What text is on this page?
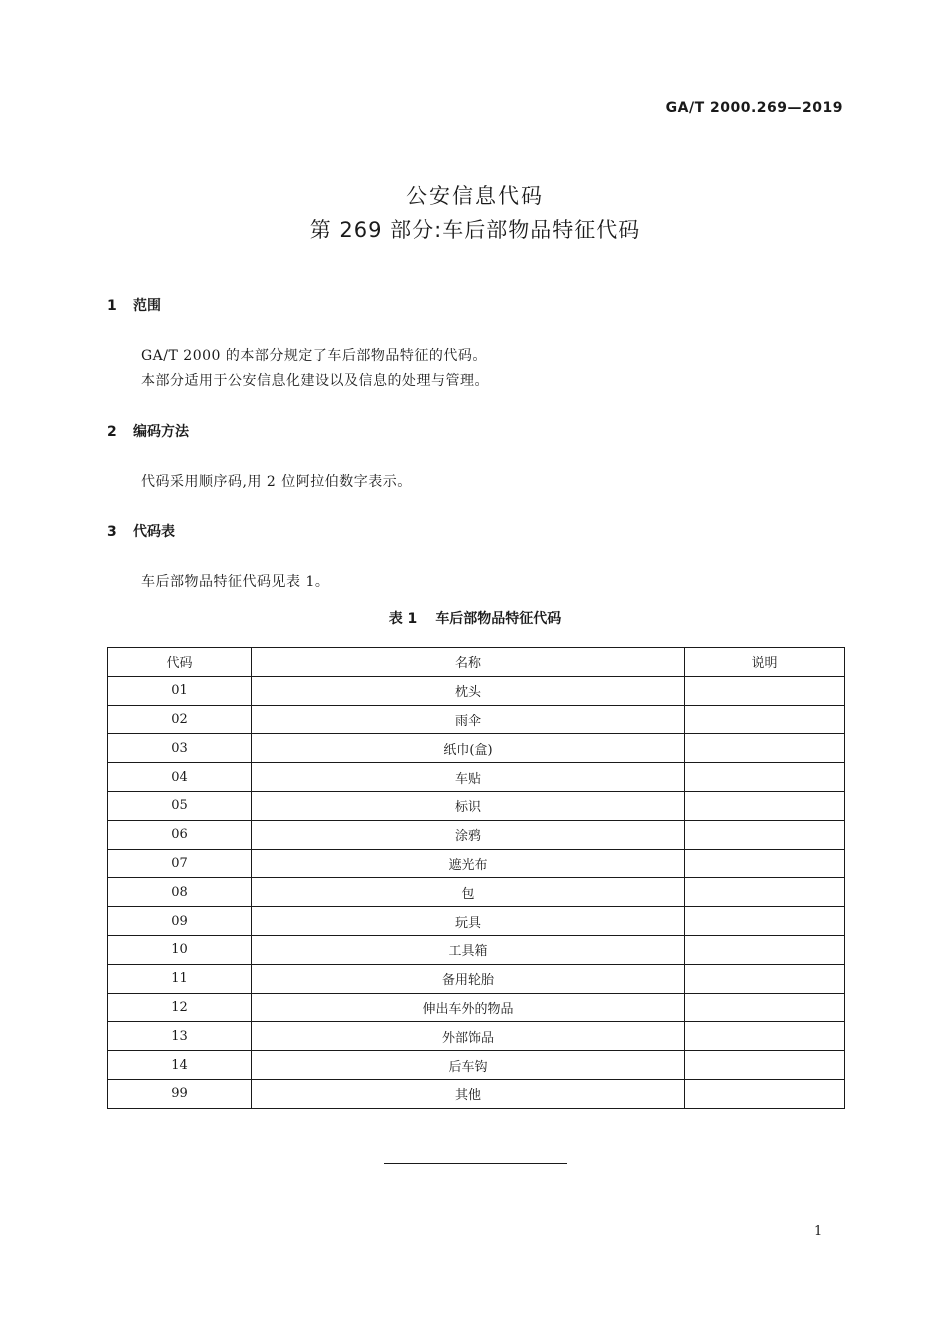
GA/T 2000.269—2019
公安信息代码
第 269 部分:车后部物品特征代码
1 范围
GA/T 2000 的本部分规定了车后部物品特征的代码。
本部分适用于公安信息化建设以及信息的处理与管理。
2 编码方法
代码采用顺序码,用 2 位阿拉伯数字表示。
3 代码表
车后部物品特征代码见表 1。
表 1 车后部物品特征代码
代码	名称	说明
01	枕头	
02	雨伞	
03	纸巾(盒)	
04	车贴	
05	标识	
06	涂鸦	
07	遮光布	
08	包	
09	玩具	
10	工具箱	
11	备用轮胎	
12	伸出车外的物品	
13	外部饰品	
14	后车钩	
99	其他	
1
